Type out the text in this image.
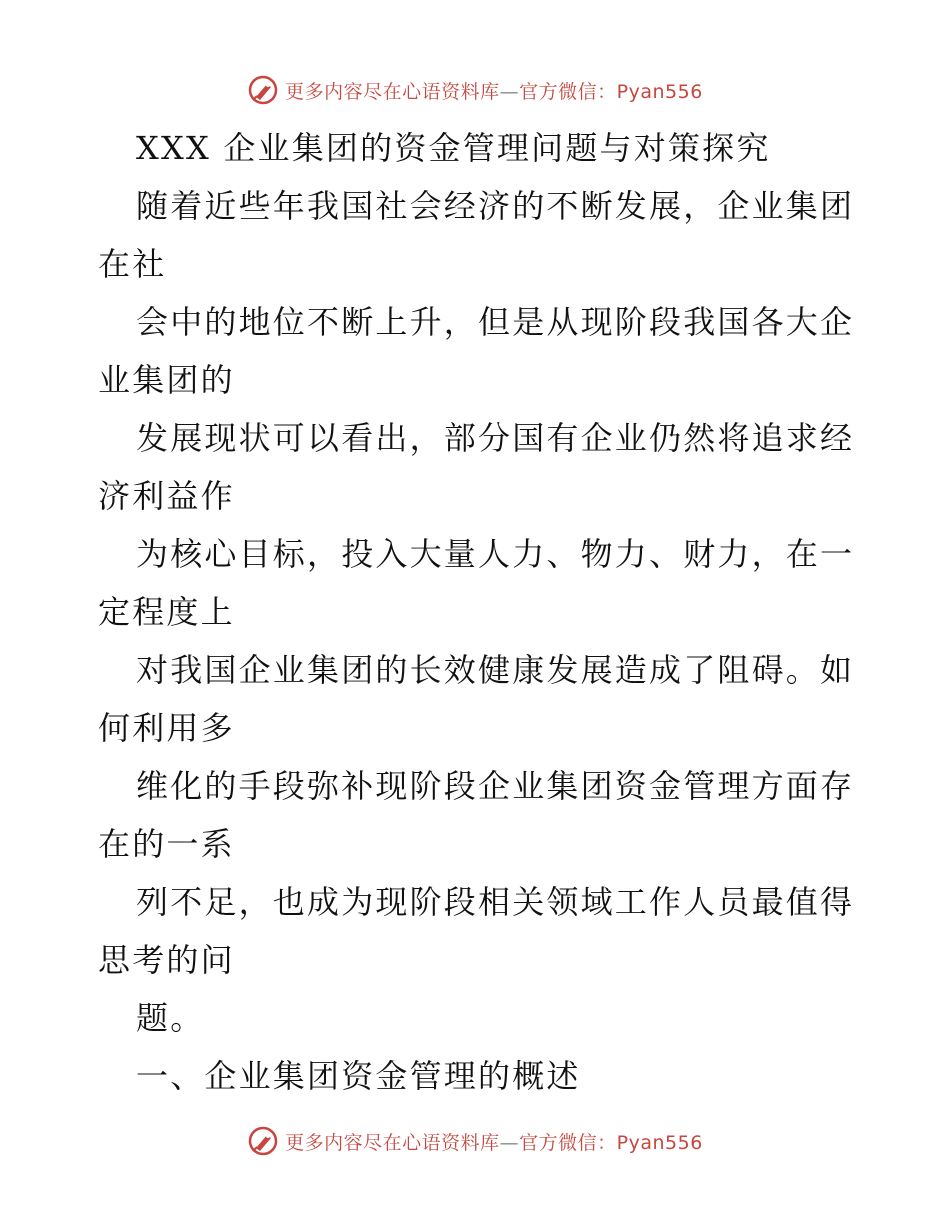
更多内容尽在心语资料库—官方微信：Pyan556
XXX 企业集团的资金管理问题与对策探究
随着近些年我国社会经济的不断发展，企业集团
在社
会中的地位不断上升，但是从现阶段我国各大企
业集团的
发展现状可以看出，部分国有企业仍然将追求经
济利益作
为核心目标，投入大量人力、物力、财力，在一
定程度上
对我国企业集团的长效健康发展造成了阻碍。如
何利用多
维化的手段弥补现阶段企业集团资金管理方面存
在的一系
列不足，也成为现阶段相关领域工作人员最值得
思考的问
题。
一、企业集团资金管理的概述
更多内容尽在心语资料库—官方微信：Pyan556
